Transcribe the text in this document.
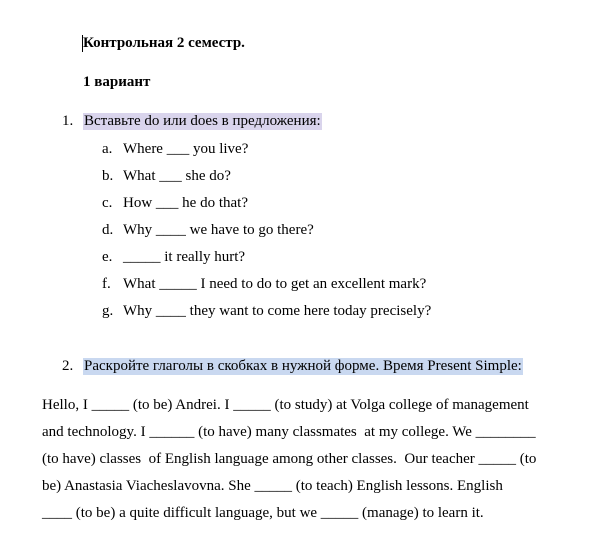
Контрольная 2 семестр.
1 вариант
1. Вставьте do или does в предложения:
a. Where ___ you live?
b. What ___ she do?
c. How ___ he do that?
d. Why ____ we have to go there?
e. _____ it really hurt?
f. What _____ I need to do to get an excellent mark?
g. Why ____ they want to come here today precisely?
2. Раскройте глаголы в скобках в нужной форме. Время Present Simple:
Hello, I _____ (to be) Andrei. I _____ (to study) at Volga college of management
and technology. I ______ (to have) many classmates  at my college. We ________
(to have) classes  of English language among other classes.  Our teacher _____ (to
be) Anastasia Viacheslavovna. She _____ (to teach) English lessons. English
____ (to be) a quite difficult language, but we _____ (manage) to learn it.
